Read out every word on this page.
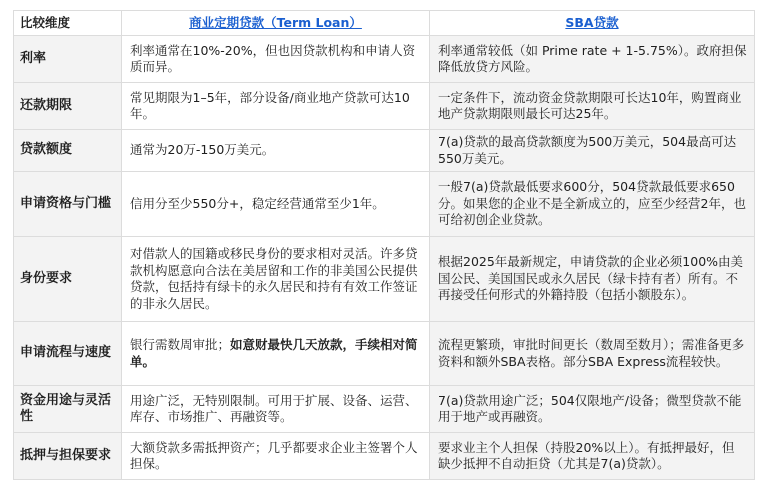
比较维度	商业定期贷款（Term Loan）	SBA贷款
利率	利率通常在10%-20%，但也因贷款机构和申请人资质而异。	利率通常较低（如 Prime rate + 1-5.75%）。政府担保降低放贷方风险。
还款期限	常见期限为1–5年，部分设备/商业地产贷款可达10年。	一定条件下，流动资金贷款期限可长达10年，购置商业地产贷款期限则最长可达25年。
贷款额度	通常为20万-150万美元。	7(a)贷款的最高贷款额度为500万美元，504最高可达550万美元。
申请资格与门槛	信用分至少550分+，稳定经营通常至少1年。	一般7(a)贷款最低要求600分，504贷款最低要求650分。如果您的企业不是全新成立的，应至少经营2年，也可给初创企业贷款。
身份要求	对借款人的国籍或移民身份的要求相对灵活。许多贷款机构愿意向合法在美居留和工作的非美国公民提供贷款，包括持有绿卡的永久居民和持有有效工作签证的非永久居民。	根据2025年最新规定，申请贷款的企业必须100%由美国公民、美国国民或永久居民（绿卡持有者）所有。不再接受任何形式的外籍持股（包括小额股东）。
申请流程与速度	银行需数周审批；如意财最快几天放款，手续相对简单。	流程更繁琐，审批时间更长（数周至数月）；需准备更多资料和额外SBA表格。部分SBA Express流程较快。
资金用途与灵活性	用途广泛，无特别限制。可用于扩展、设备、运营、库存、市场推广、再融资等。	7(a)贷款用途广泛；504仅限地产/设备；微型贷款不能用于地产或再融资。
抵押与担保要求	大额贷款多需抵押资产；几乎都要求企业主签署个人担保。	要求业主个人担保（持股20%以上）。有抵押最好，但缺少抵押不自动拒贷（尤其是7(a)贷款）。
